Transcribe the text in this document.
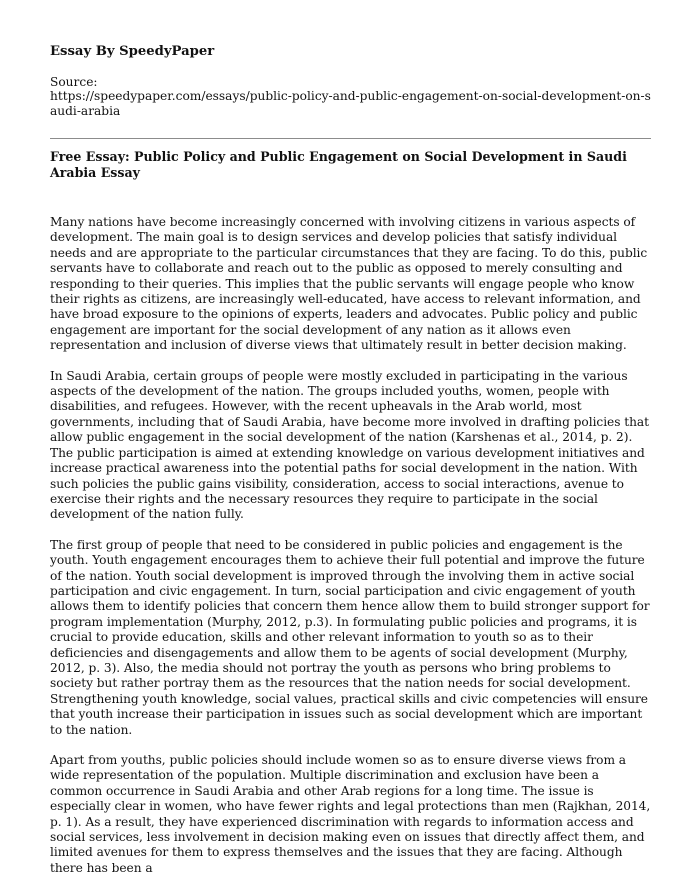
Essay By SpeedyPaper
Source:
https://speedypaper.com/essays/public-policy-and-public-engagement-on-social-development-on-saudi-arabia
Free Essay: Public Policy and Public Engagement on Social Development in Saudi Arabia Essay

Many nations have become increasingly concerned with involving citizens in various aspects of development. The main goal is to design services and develop policies that satisfy individual needs and are appropriate to the particular circumstances that they are facing. To do this, public servants have to collaborate and reach out to the public as opposed to merely consulting and responding to their queries. This implies that the public servants will engage people who know their rights as citizens, are increasingly well-educated, have access to relevant information, and have broad exposure to the opinions of experts, leaders and advocates. Public policy and public engagement are important for the social development of any nation as it allows even representation and inclusion of diverse views that ultimately result in better decision making.

In Saudi Arabia, certain groups of people were mostly excluded in participating in the various aspects of the development of the nation. The groups included youths, women, people with disabilities, and refugees. However, with the recent upheavals in the Arab world, most governments, including that of Saudi Arabia, have become more involved in drafting policies that allow public engagement in the social development of the nation (Karshenas et al., 2014, p. 2). The public participation is aimed at extending knowledge on various development initiatives and increase practical awareness into the potential paths for social development in the nation. With such policies the public gains visibility, consideration, access to social interactions, avenue to exercise their rights and the necessary resources they require to participate in the social development of the nation fully.

The first group of people that need to be considered in public policies and engagement is the youth. Youth engagement encourages them to achieve their full potential and improve the future of the nation. Youth social development is improved through the involving them in active social participation and civic engagement. In turn, social participation and civic engagement of youth allows them to identify policies that concern them hence allow them to build stronger support for program implementation (Murphy, 2012, p.3). In formulating public policies and programs, it is crucial to provide education, skills and other relevant information to youth so as to their deficiencies and disengagements and allow them to be agents of social development (Murphy, 2012, p. 3). Also, the media should not portray the youth as persons who bring problems to society but rather portray them as the resources that the nation needs for social development. Strengthening youth knowledge, social values, practical skills and civic competencies will ensure that youth increase their participation in issues such as social development which are important to the nation.

Apart from youths, public policies should include women so as to ensure diverse views from a wide representation of the population. Multiple discrimination and exclusion have been a common occurrence in Saudi Arabia and other Arab regions for a long time. The issue is especially clear in women, who have fewer rights and legal protections than men (Rajkhan, 2014, p. 1). As a result, they have experienced discrimination with regards to information access and social services, less involvement in decision making even on issues that directly affect them, and limited avenues for them to express themselves and the issues that they are facing. Although there has been a
